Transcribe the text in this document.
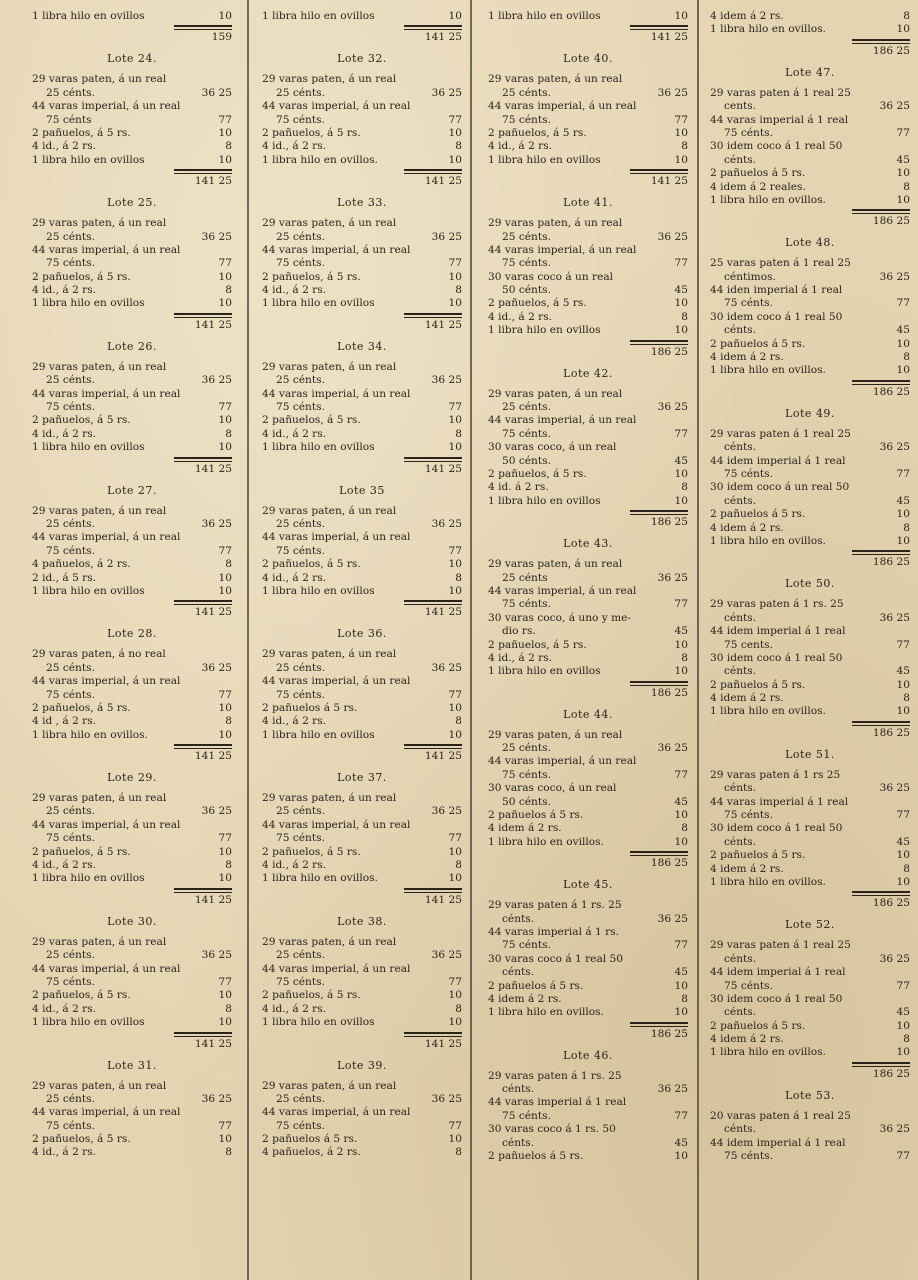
1 libra hilo en ovillos	10
159
Lote 24.
29 varas paten, á un real
25 cénts.	36 25
44 varas imperial, á un real
75 cénts	77
2 pañuelos, á 5 rs.	10
4 id., á 2 rs.	8
1 libra hilo en ovillos	10
141 25
Lote 25.
29 varas paten, á un real
25 cénts.	36 25
44 varas imperial, á un real
75 cénts.	77
2 pañuelos, á 5 rs.	10
4 id., á 2 rs.	8
1 libra hilo en ovillos	10
141 25
Lote 26.
29 varas paten, á un real
25 cénts.	36 25
44 varas imperial, á un real
75 cénts.	77
2 pañuelos, á 5 rs.	10
4 id., á 2 rs.	8
1 libra hilo en ovillos	10
141 25
Lote 27.
29 varas paten, á un real
25 cénts.	36 25
44 varas imperial, á un real
75 cénts.	77
4 pañuelos, á 2 rs.	8
2 id., á 5 rs.	10
1 libra hilo en ovillos	10
141 25
Lote 28.
29 varas paten, á no real
25 cénts.	36 25
44 varas imperial, á un real
75 cénts.	77
2 pañuelos, á 5 rs.	10
4 id , á 2 rs.	8
1 libra hilo en ovillos.	10
141 25
Lote 29.
29 varas paten, á un real
25 cénts.	36 25
44 varas imperial, á un real
75 cénts.	77
2 pañuelos, á 5 rs.	10
4 id., á 2 rs.	8
1 libra hilo en ovillos	10
141 25
Lote 30.
29 varas paten, á un real
25 cénts.	36 25
44 varas imperial, á un real
75 cénts.	77
2 pañuelos, á 5 rs.	10
4 id., á 2 rs.	8
1 libra hilo en ovillos	10
141 25
Lote 31.
29 varas paten, á un real
25 cénts.	36 25
44 varas imperial, á un real
75 cénts.	77
2 pañuelos, á 5 rs.	10
4 id., á 2 rs.	8
1 libra hilo en ovillos	10
141 25
Lote 32.
29 varas paten, á un real
25 cénts.	36 25
44 varas imperial, á un real
75 cénts.	77
2 pañuelos, á 5 rs.	10
4 id., á 2 rs.	8
1 libra hilo en ovillos.	10
141 25
Lote 33.
29 varas paten, á un real
25 cénts.	36 25
44 varas imperial, á un real
75 cénts.	77
2 pañuelos, á 5 rs.	10
4 id., á 2 rs.	8
1 libra hilo en ovillos	10
141 25
Lote 34.
29 varas paten, á un real
25 cénts.	36 25
44 varas imperial, á un real
75 cénts.	77
2 pañuelos, á 5 rs.	10
4 id., á 2 rs.	8
1 libra hilo en ovillos	10
141 25
Lote 35
29 varas paten, á un real
25 cénts.	36 25
44 varas imperial, á un real
75 cénts.	77
2 pañuelos, á 5 rs.	10
4 id., á 2 rs.	8
1 libra hilo en ovillos	10
141 25
Lote 36.
29 varas paten, á un real
25 cénts.	36 25
44 varas imperial, á un real
75 cénts.	77
2 pañuelos á 5 rs.	10
4 id., á 2 rs.	8
1 libra hilo en ovillos	10
141 25
Lote 37.
29 varas paten, á un real
25 cénts.	36 25
44 varas imperial, á un real
75 cénts.	77
2 pañuelos, á 5 rs.	10
4 id., á 2 rs.	8
1 libra hilo en ovillos.	10
141 25
Lote 38.
29 varas paten, á un real
25 cénts.	36 25
44 varas imperial, á un real
75 cénts.	77
2 pañuelos, á 5 rs.	10
4 id., á 2 rs.	8
1 libra hilo en ovillos	10
141 25
Lote 39.
29 varas paten, á un real
25 cénts.	36 25
44 varas imperial, á un real
75 cénts.	77
2 pañuelos á 5 rs.	10
4 pañuelos, á 2 rs.	8
1 libra hilo en ovillos	10
141 25
Lote 40.
29 varas paten, á un real
25 cénts.	36 25
44 varas imperial, á un real
75 cénts.	77
2 pañuelos, á 5 rs.	10
4 id., á 2 rs.	8
1 libra hilo en ovillos	10
141 25
Lote 41.
29 varas paten, á un real
25 cénts.	36 25
44 varas imperial, á un real
75 cénts.	77
30 varas coco á un real
50 cénts.	45
2 pañuelos, á 5 rs.	10
4 id., á 2 rs.	8
1 libra hilo en ovillos	10
186 25
Lote 42.
29 varas paten, á un real
25 cénts.	36 25
44 varas imperial, á un real
75 cénts.	77
30 varas coco, á un real
50 cénts.	45
2 pañuelos, á 5 rs.	10
4 id. á 2 rs.	8
1 libra hilo en ovillos	10
186 25
Lote 43.
29 varas paten, á un real
25 cénts	36 25
44 varas imperial, á un real
75 cénts.	77
30 varas coco, á uno y me-
dio rs.	45
2 pañuelos, á 5 rs.	10
4 id., á 2 rs.	8
1 libra hilo en ovillos	10
186 25
Lote 44.
29 varas paten, á un real
25 cénts.	36 25
44 varas imperial, á un real
75 cénts.	77
30 varas coco, á un real
50 cénts.	45
2 pañuelos á 5 rs.	10
4 idem á 2 rs.	8
1 libra hilo en ovillos.	10
186 25
Lote 45.
29 varas paten á 1 rs. 25
cénts.	36 25
44 varas imperial á 1 rs.
75 cénts.	77
30 varas coco á 1 real 50
cénts.	45
2 pañuelos á 5 rs.	10
4 idem á 2 rs.	8
1 libra hilo en ovillos.	10
186 25
Lote 46.
29 varas paten á 1 rs. 25
cénts.	36 25
44 varas imperial á 1 real
75 cénts.	77
30 varas coco á 1 rs. 50
cénts.	45
2 pañuelos á 5 rs.	10
4 idem á 2 rs.	8
1 libra hilo en ovillos.	10
186 25
Lote 47.
29 varas paten á 1 real 25
cents.	36 25
44 varas imperial á 1 real
75 cénts.	77
30 idem coco á 1 real 50
cénts.	45
2 pañuelos á 5 rs.	10
4 idem á 2 reales.	8
1 libra hilo en ovillos.	10
186 25
Lote 48.
25 varas paten á 1 real 25
céntimos.	36 25
44 iden imperial á 1 real
75 cénts.	77
30 idem coco á 1 real 50
cénts.	45
2 pañuelos á 5 rs.	10
4 idem á 2 rs.	8
1 libra hilo en ovillos.	10
186 25
Lote 49.
29 varas paten á 1 real 25
cénts.	36 25
44 idem imperial á 1 real
75 cénts.	77
30 idem coco á un real 50
cénts.	45
2 pañuelos á 5 rs.	10
4 idem á 2 rs.	8
1 libra hilo en ovillos.	10
186 25
Lote 50.
29 varas paten á 1 rs. 25
cénts.	36 25
44 idem imperial á 1 real
75 cents.	77
30 idem coco á 1 real 50
cénts.	45
2 pañuelos á 5 rs.	10
4 idem á 2 rs.	8
1 libra hilo en ovillos.	10
186 25
Lote 51.
29 varas paten á 1 rs 25
cénts.	36 25
44 varas imperial á 1 real
75 cénts.	77
30 idem coco á 1 real 50
cénts.	45
2 pañuelos á 5 rs.	10
4 idem á 2 rs.	8
1 libra hilo en ovillos.	10
186 25
Lote 52.
29 varas paten á 1 real 25
cénts.	36 25
44 idem imperial á 1 real
75 cénts.	77
30 idem coco á 1 real 50
cénts.	45
2 pañuelos á 5 rs.	10
4 idem á 2 rs.	8
1 libra hilo en ovillos.	10
186 25
Lote 53.
20 varas paten á 1 real 25
cénts.	36 25
44 idem imperial á 1 real
75 cénts.	77
